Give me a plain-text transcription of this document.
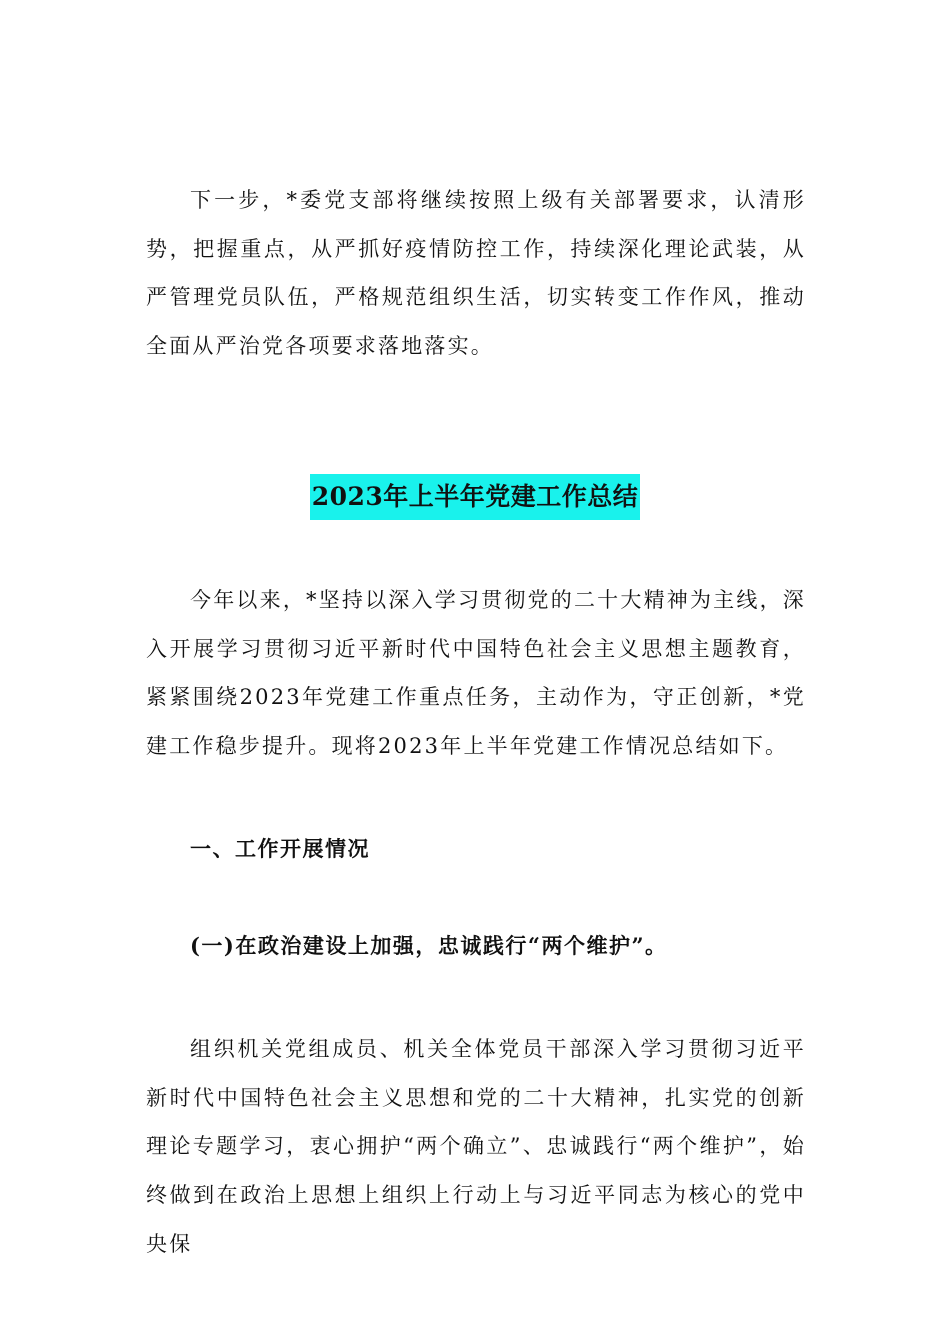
下一步，*委党支部将继续按照上级有关部署要求，认清形势，把握重点，从严抓好疫情防控工作，持续深化理论武装，从严管理党员队伍，严格规范组织生活，切实转变工作作风，推动全面从严治党各项要求落地落实。
2023年上半年党建工作总结
今年以来，*坚持以深入学习贯彻党的二十大精神为主线，深入开展学习贯彻习近平新时代中国特色社会主义思想主题教育，紧紧围绕2023年党建工作重点任务，主动作为，守正创新，*党建工作稳步提升。现将2023年上半年党建工作情况总结如下。
一、工作开展情况
(一)在政治建设上加强，忠诚践行“两个维护”。
组织机关党组成员、机关全体党员干部深入学习贯彻习近平新时代中国特色社会主义思想和党的二十大精神，扎实党的创新理论专题学习，衷心拥护“两个确立”、忠诚践行“两个维护”，始终做到在政治上思想上组织上行动上与习近平同志为核心的党中央保
